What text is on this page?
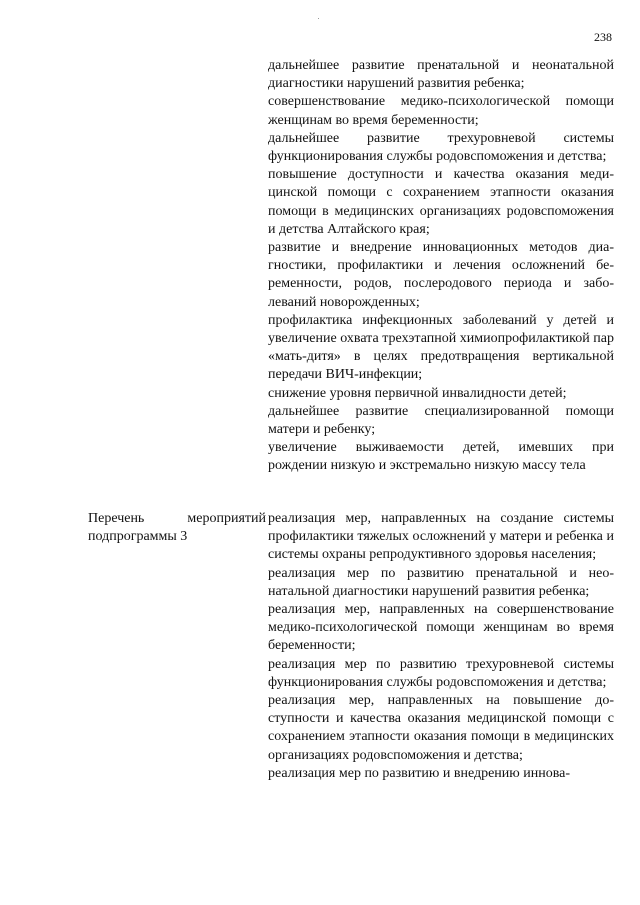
238

дальнейшее развитие пренатальной и неонатальной диагностики нарушений развития ребенка;

совершенствование медико-психологической помощи женщинам во время беременности;

дальнейшее развитие трехуровневой системы функционирования службы родовспоможения и детства;

повышение доступности и качества оказания медицинской помощи с сохранением этапности оказания помощи в медицинских организациях родовспоможения и детства Алтайского края;

развитие и внедрение инновационных методов диагностики, профилактики и лечения осложнений беременности, родов, послеродового периода и заболеваний новорожденных;

профилактика инфекционных заболеваний у детей и увеличение охвата трехэтапной химиопрофилактикой пар «мать-дитя» в целях предотвращения вертикальной передачи ВИЧ-инфекции;

снижение уровня первичной инвалидности детей;

дальнейшее развитие специализированной помощи матери и ребенку;

увеличение выживаемости детей, имевших при рождении низкую и экстремально низкую массу тела

Перечень мероприятий
подпрограммы 3

реализация мер, направленных на создание системы профилактики тяжелых осложнений у матери и ребенка и системы охраны репродуктивного здоровья населения;

реализация мер по развитию пренатальной и неонатальной диагностики нарушений развития ребенка;

реализация мер, направленных на совершенствование медико-психологической помощи женщинам во время беременности;

реализация мер по развитию трехуровневой системы функционирования службы родовспоможения и детства;

реализация мер, направленных на повышение доступности и качества оказания медицинской помощи с сохранением этапности оказания помощи в медицинских организациях родовспоможения и детства;

реализация мер по развитию и внедрению иннова-
